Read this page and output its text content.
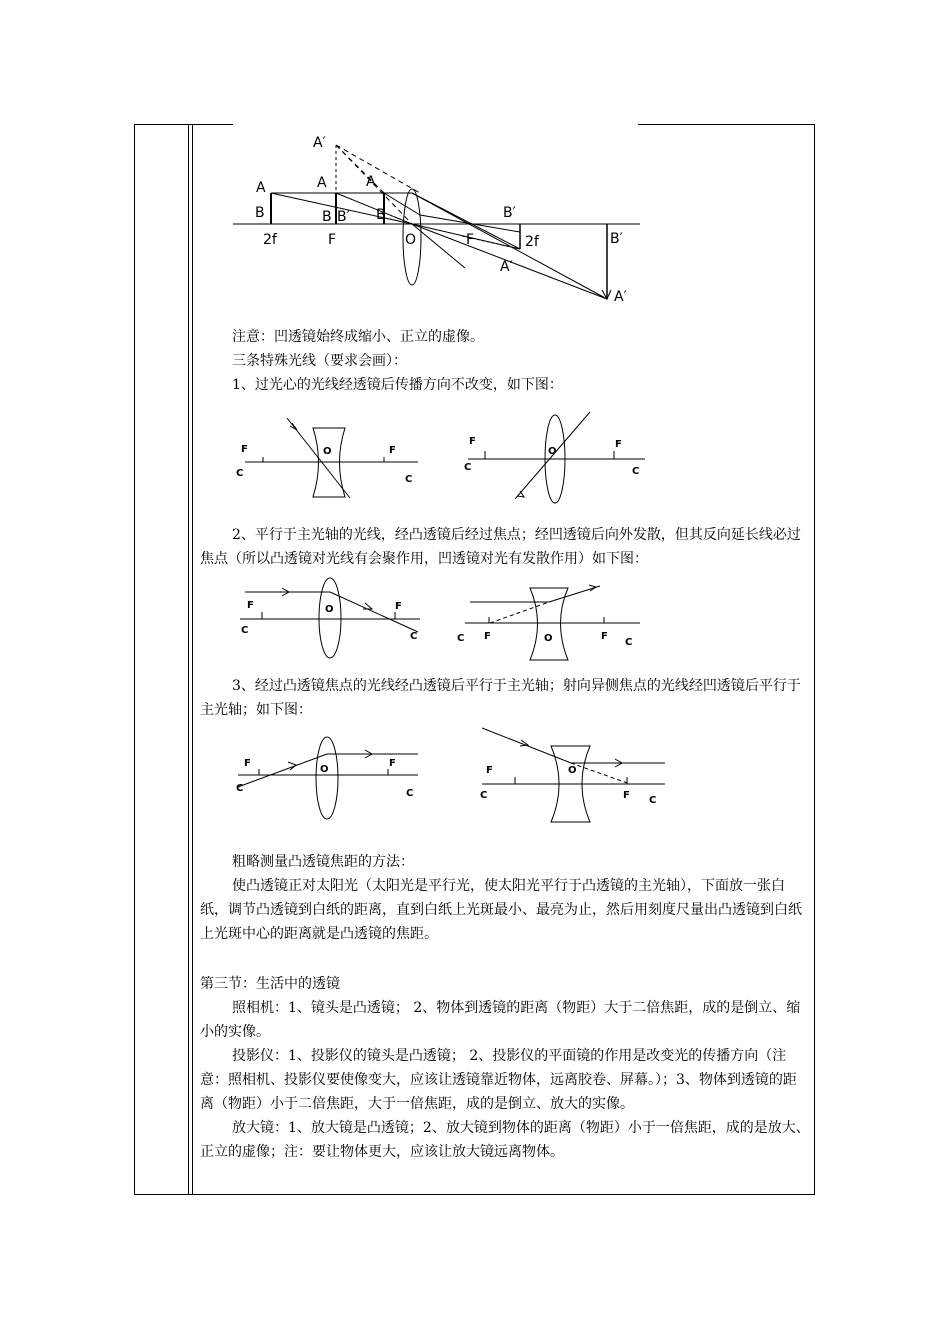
A′
A	A	A
B	B B′ B	B′
B′
2f	F	O	F	2f
A′
A′

注意：凹透镜始终成缩小、正立的虚像。

三条特殊光线（要求会画）：

1、过光心的光线经透镜后传播方向不改变，如下图：

F
C
O	F
C
F
C
O
F
C

2、平行于主光轴的光线，经凸透镜后经过焦点；经凹透镜后向外发散，但其反向延长线必过焦点（所以凸透镜对光线有会聚作用，凹透镜对光有发散作用）如下图：

F
C
O	F
C	C F	O	F
C

3、经过凸透镜焦点的光线经凸透镜后平行于主光轴；射向异侧焦点的光线经凹透镜后平行于主光轴；如下图：

F
C
O
F
C
F
C
O
F C

粗略测量凸透镜焦距的方法：

使凸透镜正对太阳光（太阳光是平行光，使太阳光平行于凸透镜的主光轴），下面放一张白纸，调节凸透镜到白纸的距离，直到白纸上光斑最小、最亮为止，然后用刻度尺量出凸透镜到白纸上光斑中心的距离就是凸透镜的焦距。

第三节：生活中的透镜

照相机：1、镜头是凸透镜； 2、物体到透镜的距离（物距）大于二倍焦距，成的是倒立、缩小的实像。

投影仪：1、投影仪的镜头是凸透镜； 2、投影仪的平面镜的作用是改变光的传播方向（注意：照相机、投影仪要使像变大，应该让透镜靠近物体，远离胶卷、屏幕。）；3、物体到透镜的距离（物距）小于二倍焦距，大于一倍焦距，成的是倒立、放大的实像。

放大镜：1、放大镜是凸透镜；2、放大镜到物体的距离（物距）小于一倍焦距，成的是放大、正立的虚像；注：要让物体更大，应该让放大镜远离物体。
